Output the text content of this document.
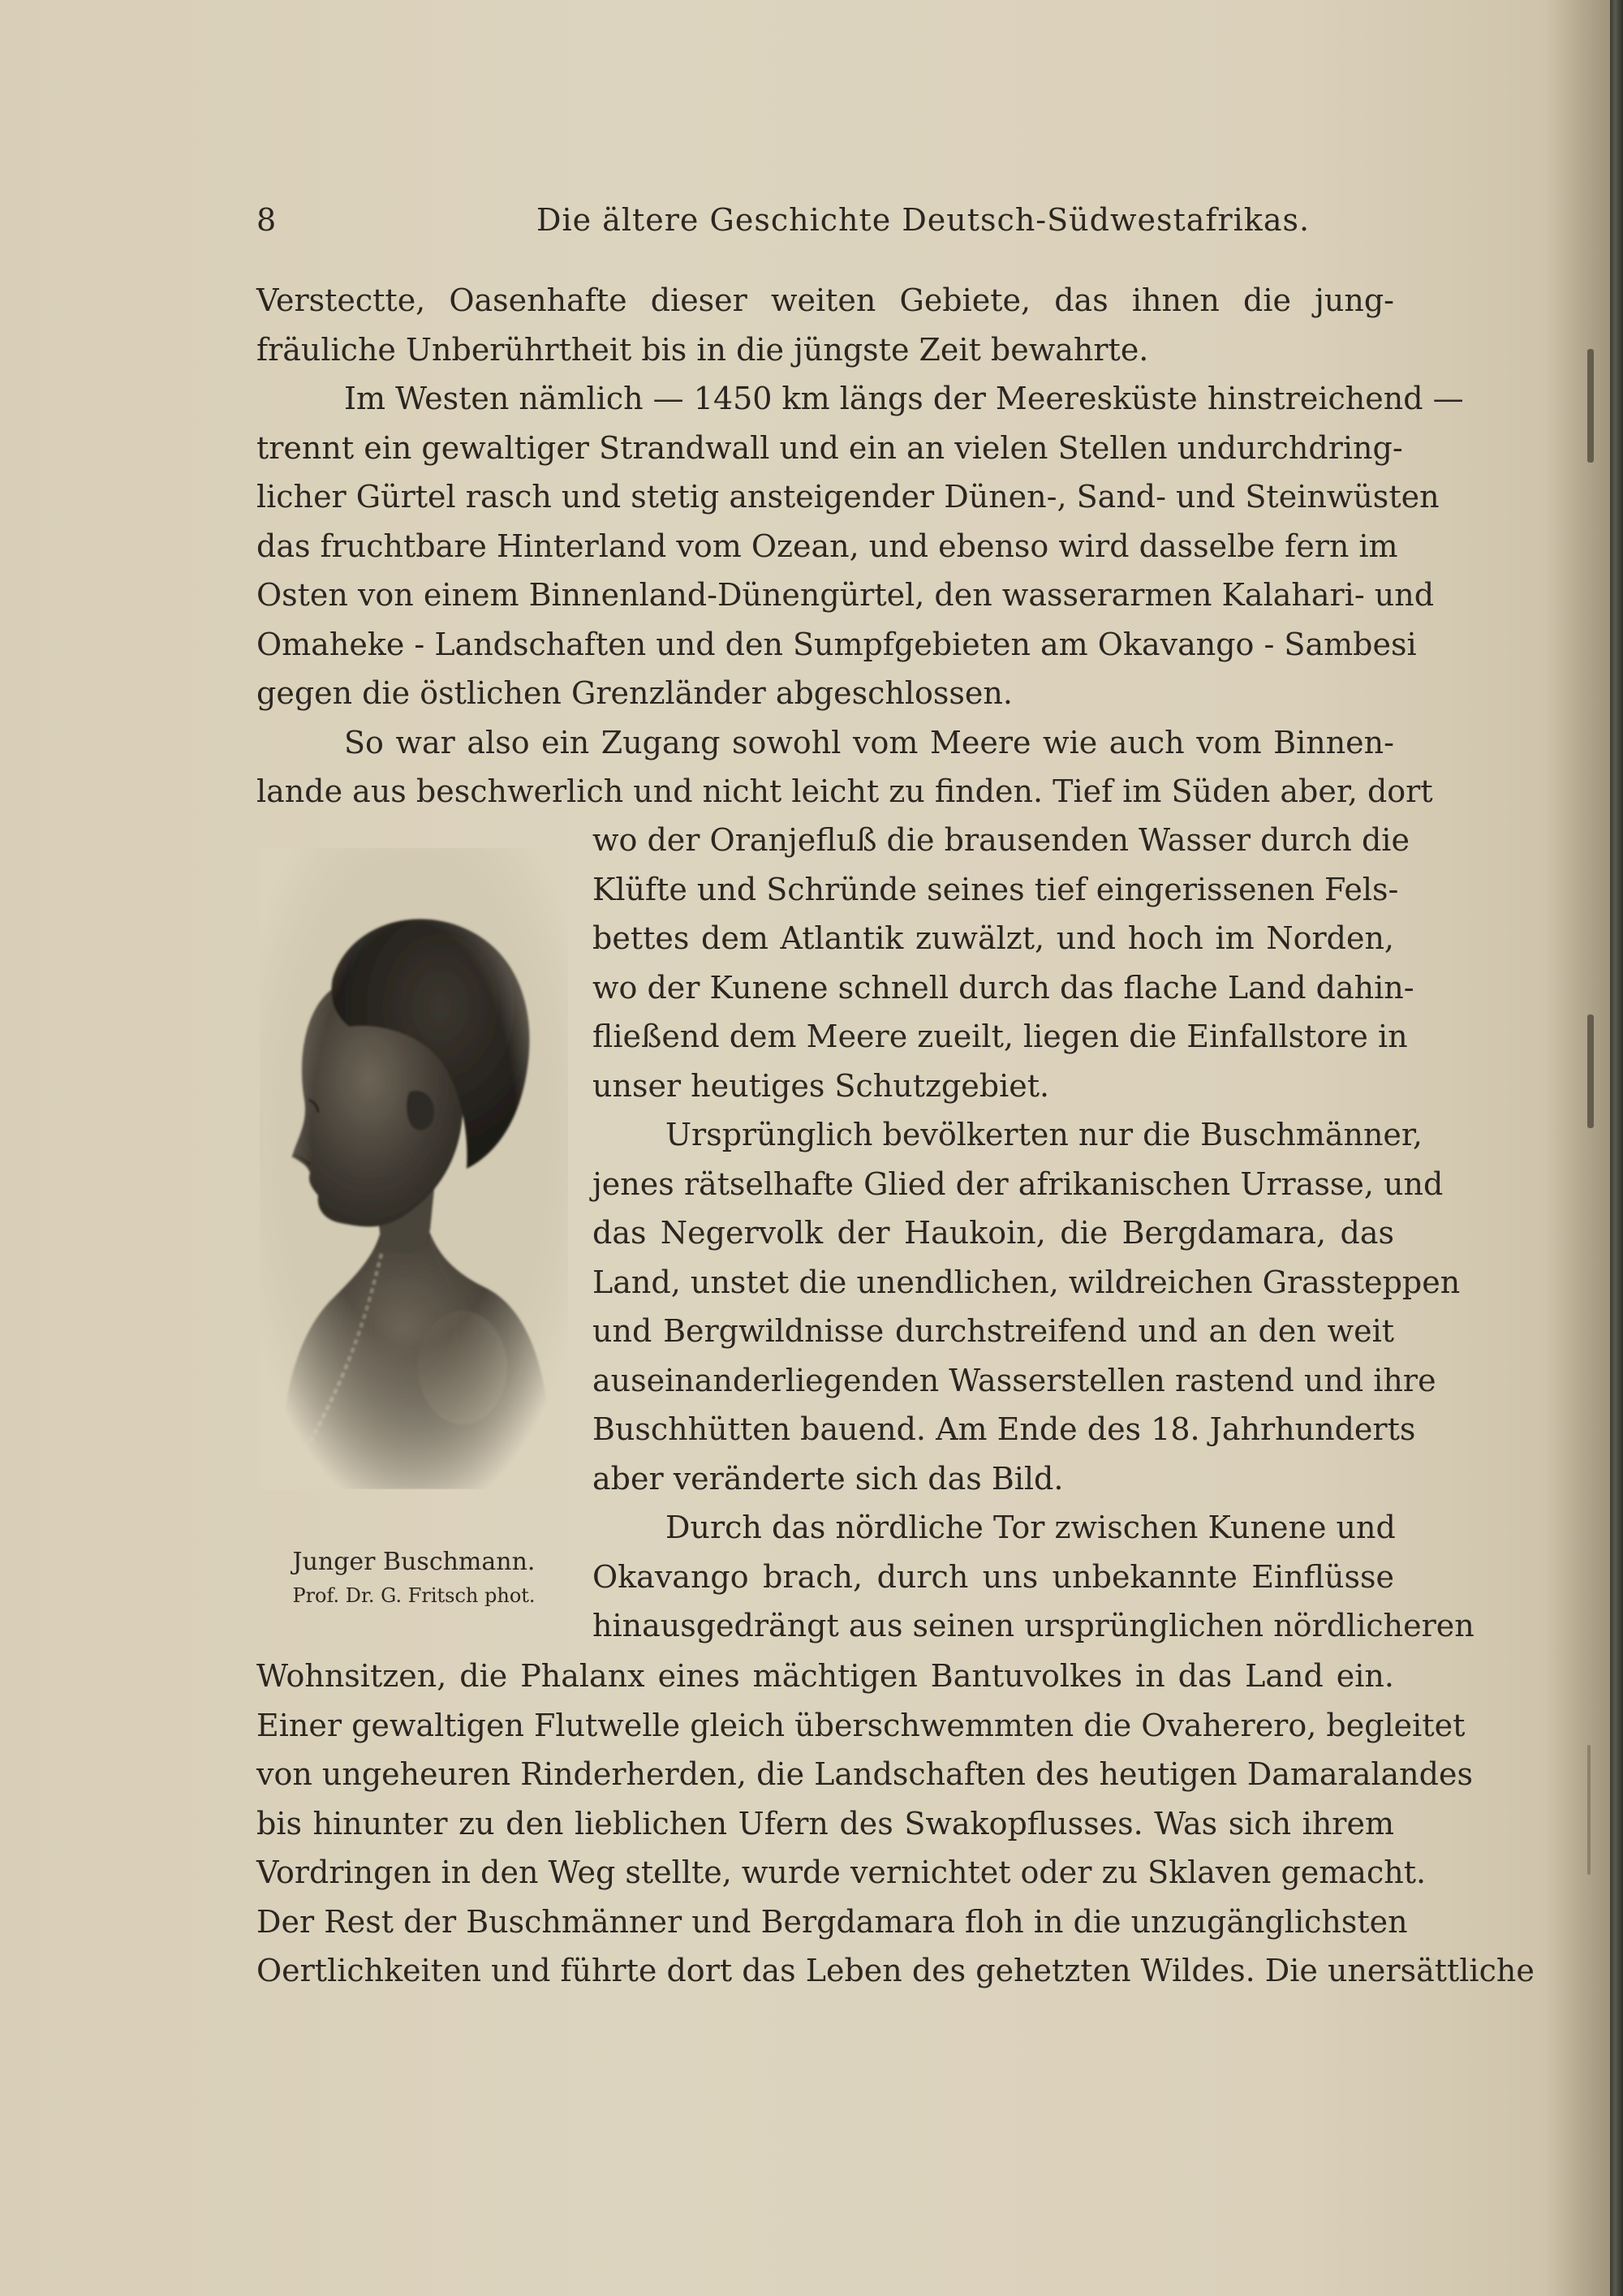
8	Die ältere Geschichte Deutsch-Südwestafrikas.
Verstectte, Oasenhafte dieser weiten Gebiete, das ihnen die jung-
fräuliche Unberührtheit bis in die jüngste Zeit bewahrte.
Im Westen nämlich — 1450 km längs der Meeresküste hinstreichend —
trennt ein gewaltiger Strandwall und ein an vielen Stellen undurchdring-
licher Gürtel rasch und stetig ansteigender Dünen-, Sand- und Steinwüsten
das fruchtbare Hinterland vom Ozean, und ebenso wird dasselbe fern im
Osten von einem Binnenland-Dünengürtel, den wasserarmen Kalahari- und
Omaheke - Landschaften und den Sumpfgebieten am Okavango - Sambesi
gegen die östlichen Grenzländer abgeschlossen.
So war also ein Zugang sowohl vom Meere wie auch vom Binnen-
lande aus beschwerlich und nicht leicht zu finden. Tief im Süden aber, dort
Junger Buschmann.
Prof. Dr. G. Fritsch phot.
wo der Oranjefluß die brausenden Wasser durch die
Klüfte und Schründe seines tief eingerissenen Fels-
bettes dem Atlantik zuwälzt, und hoch im Norden,
wo der Kunene schnell durch das flache Land dahin-
fließend dem Meere zueilt, liegen die Einfallstore in
unser heutiges Schutzgebiet.
Ursprünglich bevölkerten nur die Buschmänner,
jenes rätselhafte Glied der afrikanischen Urrasse, und
das Negervolk der Haukoin, die Bergdamara, das
Land, unstet die unendlichen, wildreichen Grassteppen
und Bergwildnisse durchstreifend und an den weit
auseinanderliegenden Wasserstellen rastend und ihre
Buschhütten bauend. Am Ende des 18. Jahrhunderts
aber veränderte sich das Bild.
Durch das nördliche Tor zwischen Kunene und
Okavango brach, durch uns unbekannte Einflüsse
hinausgedrängt aus seinen ursprünglichen nördlicheren
Wohnsitzen, die Phalanx eines mächtigen Bantuvolkes in das Land ein.
Einer gewaltigen Flutwelle gleich überschwemmten die Ovaherero, begleitet
von ungeheuren Rinderherden, die Landschaften des heutigen Damaralandes
bis hinunter zu den lieblichen Ufern des Swakopflusses. Was sich ihrem
Vordringen in den Weg stellte, wurde vernichtet oder zu Sklaven gemacht.
Der Rest der Buschmänner und Bergdamara floh in die unzugänglichsten
Oertlichkeiten und führte dort das Leben des gehetzten Wildes. Die unersättliche
